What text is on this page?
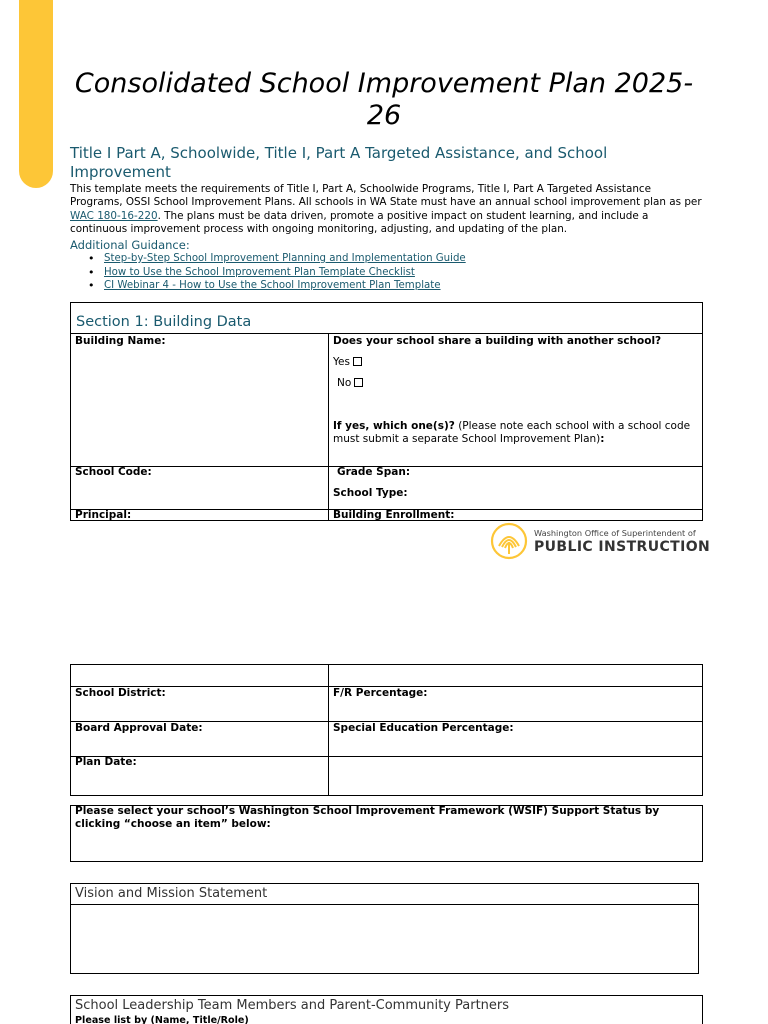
Consolidated School Improvement Plan 2025-
26
Title I Part A, Schoolwide, Title I, Part A Targeted Assistance, and School Improvement
This template meets the requirements of Title I, Part A, Schoolwide Programs, Title I, Part A Targeted Assistance Programs, OSSI School Improvement Plans. All schools in WA State must have an annual school improvement plan as per WAC 180-16-220. The plans must be data driven, promote a positive impact on student learning, and include a continuous improvement process with ongoing monitoring, adjusting, and updating of the plan.
Additional Guidance:
• Step-by-Step School Improvement Planning and Implementation Guide
• How to Use the School Improvement Plan Template Checklist
• CI Webinar 4 - How to Use the School Improvement Plan Template
Section 1: Building Data
Building Name:	Does your school share a building with another school?
Yes
No
If yes, which one(s)? (Please note each school with a school code must submit a separate School Improvement Plan):
School Code:	Grade Span:
School Type:
Principal:	Building Enrollment:
Washington Office of Superintendent of
PUBLIC INSTRUCTION
School District:	F/R Percentage:
Board Approval Date:	Special Education Percentage:
Plan Date:
Please select your school’s Washington School Improvement Framework (WSIF) Support Status by clicking “choose an item” below:
Vision and Mission Statement
School Leadership Team Members and Parent-Community Partners
Please list by (Name, Title/Role)
